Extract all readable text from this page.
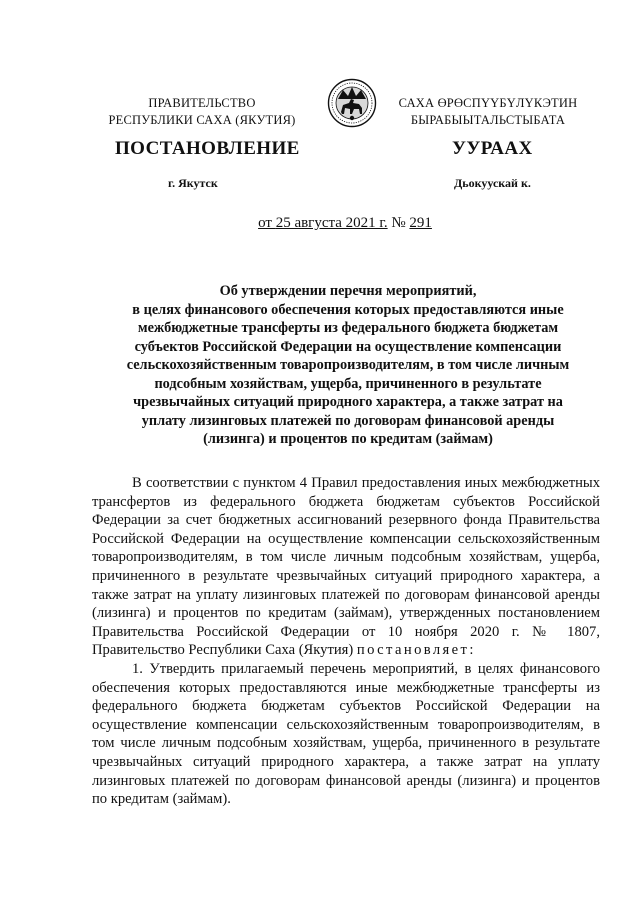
ПРАВИТЕЛЬСТВО
РЕСПУБЛИКИ САХА (ЯКУТИЯ)
САХА ӨРӨСПҮҮБҮЛҮКЭТИН
БЫРАБЫЫТАЛЬСТЫБАТА
ПОСТАНОВЛЕНИЕ	УУРААХ
г. Якутск	Дьокуускай к.
от 25 августа 2021 г. № 291
Об утверждении перечня мероприятий,
в целях финансового обеспечения которых предоставляются иные
межбюджетные трансферты из федерального бюджета бюджетам
субъектов Российской Федерации на осуществление компенсации
сельскохозяйственным товаропроизводителям, в том числе личным
подсобным хозяйствам, ущерба, причиненного в результате
чрезвычайных ситуаций природного характера, а также затрат на
уплату лизинговых платежей по договорам финансовой аренды
(лизинга) и процентов по кредитам (займам)

В соответствии с пунктом 4 Правил предоставления иных межбюджетных трансфертов из федерального бюджета бюджетам субъектов Российской Федерации за счет бюджетных ассигнований резервного фонда Правительства Российской Федерации на осуществление компенсации сельскохозяйственным товаропроизводителям, в том числе личным подсобным хозяйствам, ущерба, причиненного в результате чрезвычайных ситуаций природного характера, а также затрат на уплату лизинговых платежей по договорам финансовой аренды (лизинга) и процентов по кредитам (займам), утвержденных постановлением Правительства Российской Федерации от 10 ноября 2020 г. № 1807, Правительство Республики Саха (Якутия) постановляет:

1. Утвердить прилагаемый перечень мероприятий, в целях финансового обеспечения которых предоставляются иные межбюджетные трансферты из федерального бюджета бюджетам субъектов Российской Федерации на осуществление компенсации сельскохозяйственным товаропроизводителям, в том числе личным подсобным хозяйствам, ущерба, причиненного в результате чрезвычайных ситуаций природного характера, а также затрат на уплату лизинговых платежей по договорам финансовой аренды (лизинга) и процентов по кредитам (займам).
